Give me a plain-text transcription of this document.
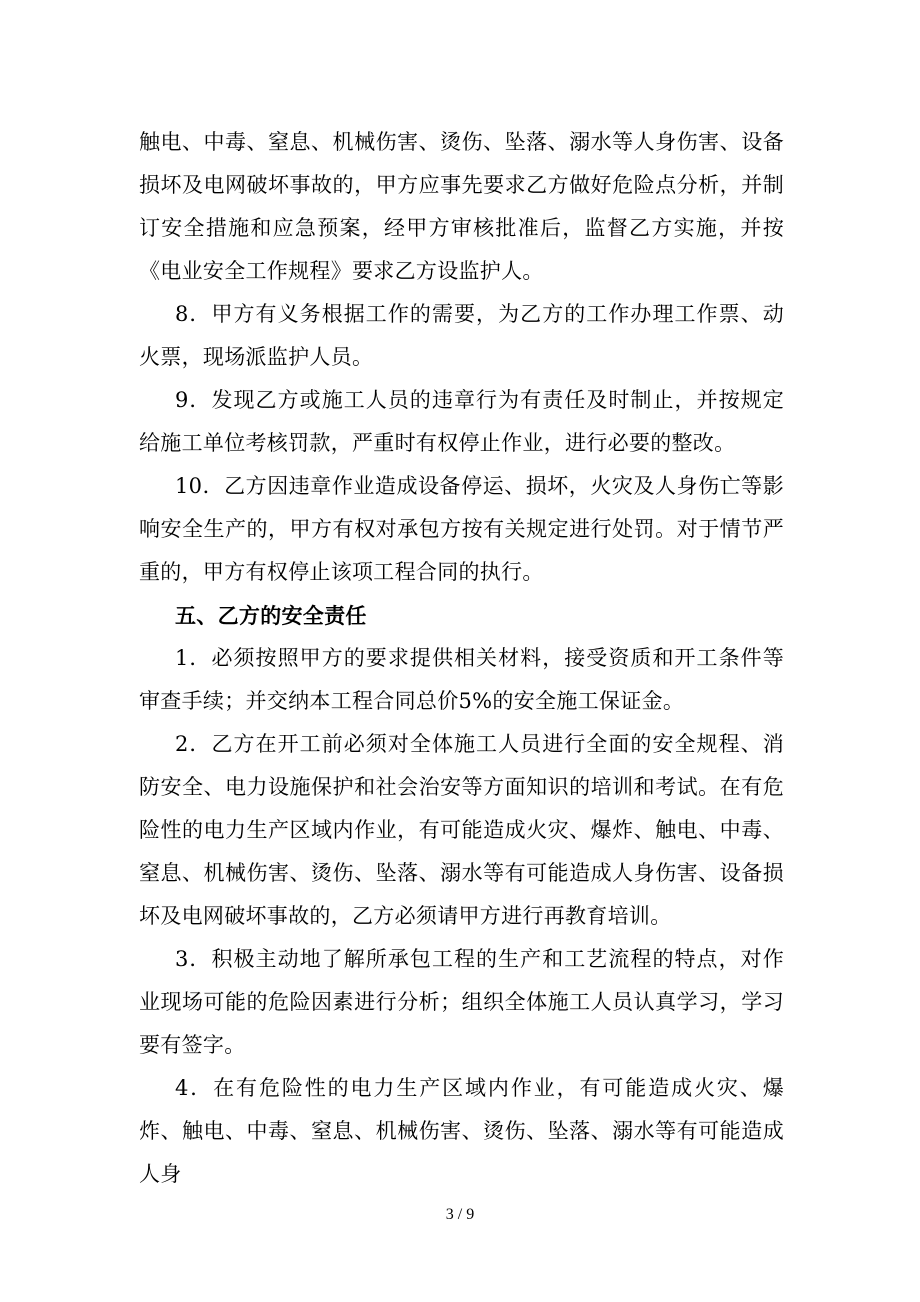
触电、中毒、窒息、机械伤害、烫伤、坠落、溺水等人身伤害、设备损坏及电网破坏事故的，甲方应事先要求乙方做好危险点分析，并制订安全措施和应急预案，经甲方审核批准后，监督乙方实施，并按《电业安全工作规程》要求乙方设监护人。

8．甲方有义务根据工作的需要，为乙方的工作办理工作票、动火票，现场派监护人员。

9．发现乙方或施工人员的违章行为有责任及时制止，并按规定给施工单位考核罚款，严重时有权停止作业，进行必要的整改。

10．乙方因违章作业造成设备停运、损坏，火灾及人身伤亡等影响安全生产的，甲方有权对承包方按有关规定进行处罚。对于情节严重的，甲方有权停止该项工程合同的执行。

五、乙方的安全责任

1．必须按照甲方的要求提供相关材料，接受资质和开工条件等审查手续；并交纳本工程合同总价5%的安全施工保证金。

2．乙方在开工前必须对全体施工人员进行全面的安全规程、消防安全、电力设施保护和社会治安等方面知识的培训和考试。在有危险性的电力生产区域内作业，有可能造成火灾、爆炸、触电、中毒、窒息、机械伤害、烫伤、坠落、溺水等有可能造成人身伤害、设备损坏及电网破坏事故的，乙方必须请甲方进行再教育培训。

3．积极主动地了解所承包工程的生产和工艺流程的特点，对作业现场可能的危险因素进行分析；组织全体施工人员认真学习，学习要有签字。

4．在有危险性的电力生产区域内作业，有可能造成火灾、爆炸、触电、中毒、窒息、机械伤害、烫伤、坠落、溺水等有可能造成人身

3 / 9
